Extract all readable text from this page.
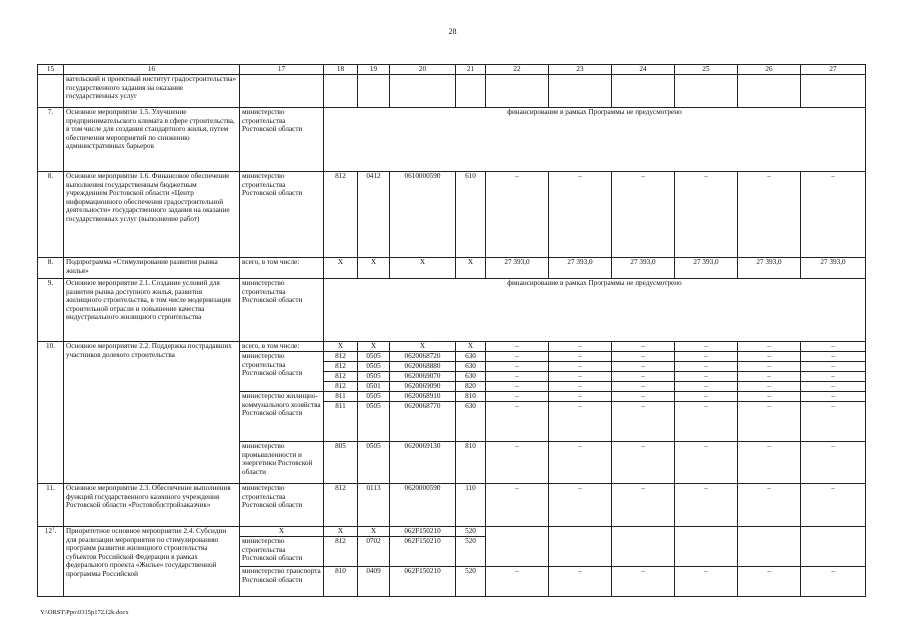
28
15	16	17	18	19	20	21	22	23	24	25	26	27
	вательский и проектный институт градостроительства» государственного задания на оказание государственных услуг											
7.	Основное мероприятие 1.5. Улучшение предпринимательского климата в сфере строительства, в том числе для создания стандартного жилья, путем обеспечения мероприятий по снижению административных барьеров	министерство строительства Ростовской области	финансирование в рамках Программы не предусмотрено									
8.	Основное мероприятие 1.6. Финансовое обеспечение выполнения государственным бюджетным учреждением Ростовской области «Центр информационного обеспечения градостроительной деятельности» государственного задания на оказание государственных услуг (выполнение работ)	министерство строительства Ростовской области	812	0412	0610000590	610	–	–	–	–	–	–
8.	Подпрограмма «Стимулирование развития рынка жилья»	всего, в том числе:	X	X	X	X	27 393,0	27 393,0	27 393,0	27 393,0	27 393,0	27 393,0
9.	Основное мероприятие 2.1. Создание условий для развития рынка доступного жилья, развития жилищного строительства, в том числе модернизация строительной отрасли и повышение качества индустриального жилищного строительства	министерство строительства Ростовской области	финансирование в рамках Программы не предусмотрено									
10.	Основное мероприятие 2.2. Поддержка пострадавших участников долевого строительства	всего, в том числе:	X	X	X	X	–	–	–	–	–	–
		министерство строительства Ростовской области	812	0505	0620068720	630	–	–	–	–	–	–
			812	0505	0620068880	630	–	–	–	–	–	–
			812	0505	0620069070	630	–	–	–	–	–	–
			812	0501	0620069090	820	–	–	–	–	–	–
		министерство жилищно-коммунального хозяйства Ростовской области	811	0505	0620068910	810	–	–	–	–	–	–
			811	0505	0620068770	630	–	–	–	–	–	–
		министерство промышленности и энергетики Ростовской области	805	0505	0620069130	810	–	–	–	–	–	–
11.	Основное мероприятие 2.3. Обеспечение выполнения функций государственного казенного учреждения Ростовской области «Ростовоблстройзаказчик»	министерство строительства Ростовской области	812	0113	0620000590	110	–	–	–	–	–	–
$12^1$.	Приоритетное основное мероприятие 2.4. Субсидии для реализации мероприятия по стимулированию программ развития жилищного строительства субъектов Российской Федерации в рамках федерального проекта «Жилье» государственной программы Российской	X	X	X	062F150210	520						
		министерство строительства Ростовской области	812	0702	062F150210	520						
		министерство транспорта Ростовской области	810	0409	062F150210	520	–	–	–	–	–	–
Y:\ORST\Ppo\0315p172.f2k.docx
